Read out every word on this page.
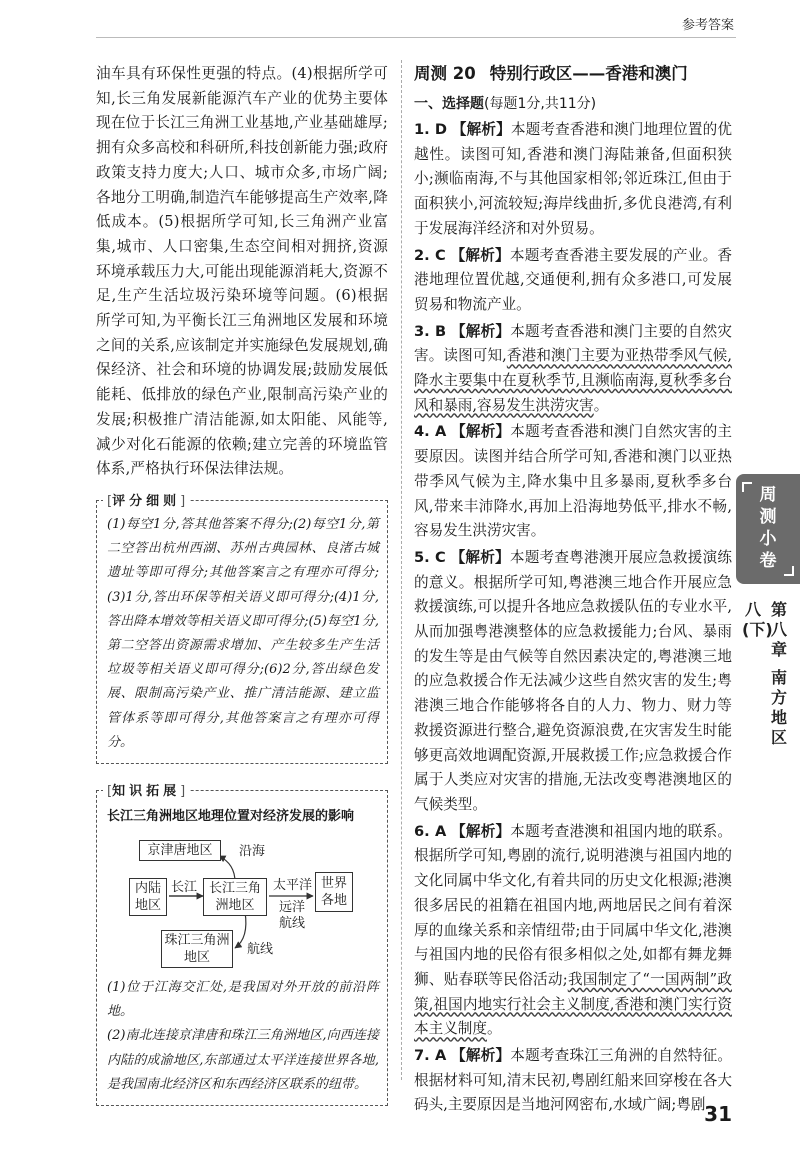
参考答案

油车具有环保性更强的特点。(4)根据所学可知,长三角发展新能源汽车产业的优势主要体现在位于长江三角洲工业基地,产业基础雄厚;拥有众多高校和科研所,科技创新能力强;政府政策支持力度大;人口、城市众多,市场广阔;各地分工明确,制造汽车能够提高生产效率,降低成本。(5)根据所学可知,长三角洲产业富集,城市、人口密集,生态空间相对拥挤,资源环境承载压力大,可能出现能源消耗大,资源不足,生产生活垃圾污染环境等问题。(6)根据所学可知,为平衡长江三角洲地区发展和环境之间的关系,应该制定并实施绿色发展规划,确保经济、社会和环境的协调发展;鼓励发展低能耗、低排放的绿色产业,限制高污染产业的发展;积极推广清洁能源,如太阳能、风能等,减少对化石能源的依赖;建立完善的环境监管体系,严格执行环保法律法规。

[评分细则]

(1)每空1分,答其他答案不得分;(2)每空1分,第二空答出杭州西湖、苏州古典园林、良渚古城遗址等即可得分;其他答案言之有理亦可得分;(3)1分,答出环保等相关语义即可得分;(4)1分,答出降本增效等相关语义即可得分;(5)每空1分,第二空答出资源需求增加、产生较多生产生活垃圾等相关语义即可得分;(6)2分,答出绿色发展、限制高污染产业、推广清洁能源、建立监管体系等即可得分,其他答案言之有理亦可得分。

[知识拓展]
长江三角洲地区地理位置对经济发展的影响
京津唐地区	沿海
内陆地区
长江 长江三角洲地区
太平洋
远洋航线
世界各地
珠江三角洲地区
航线

(1)位于江海交汇处,是我国对外开放的前沿阵地。

(2)南北连接京津唐和珠江三角洲地区,向西连接内陆的成渝地区,东部通过太平洋连接世界各地,是我国南北经济区和东西经济区联系的纽带。

周测 20 特别行政区——香港和澳门
一、选择题(每题1分,共11分)

1. D 【解析】本题考查香港和澳门地理位置的优越性。读图可知,香港和澳门海陆兼备,但面积狭小;濒临南海,不与其他国家相邻;邻近珠江,但由于面积狭小,河流较短;海岸线曲折,多优良港湾,有利于发展海洋经济和对外贸易。

2. C 【解析】本题考查香港主要发展的产业。香港地理位置优越,交通便利,拥有众多港口,可发展贸易和物流产业。

3. B 【解析】本题考查香港和澳门主要的自然灾害。读图可知,香港和澳门主要为亚热带季风气候,降水主要集中在夏秋季节,且濒临南海,夏秋季多台风和暴雨,容易发生洪涝灾害。

4. A 【解析】本题考查香港和澳门自然灾害的主要原因。读图并结合所学可知,香港和澳门以亚热带季风气候为主,降水集中且多暴雨,夏秋季多台风,带来丰沛降水,再加上沿海地势低平,排水不畅,容易发生洪涝灾害。

5. C 【解析】本题考查粤港澳开展应急救援演练的意义。根据所学可知,粤港澳三地合作开展应急救援演练,可以提升各地应急救援队伍的专业水平,从而加强粤港澳整体的应急救援能力;台风、暴雨的发生等是由气候等自然因素决定的,粤港澳三地的应急救援合作无法减少这些自然灾害的发生;粤港澳三地合作能够将各自的人力、物力、财力等救援资源进行整合,避免资源浪费,在灾害发生时能够更高效地调配资源,开展救援工作;应急救援合作属于人类应对灾害的措施,无法改变粤港澳地区的气候类型。

6. A 【解析】本题考查港澳和祖国内地的联系。根据所学可知,粤剧的流行,说明港澳与祖国内地的文化同属中华文化,有着共同的历史文化根源;港澳很多居民的祖籍在祖国内地,两地居民之间有着深厚的血缘关系和亲情纽带;由于同属中华文化,港澳与祖国内地的民俗有很多相似之处,如都有舞龙舞狮、贴春联等民俗活动;我国制定了“一国两制”政策,祖国内地实行社会主义制度,香港和澳门实行资本主义制度。

7. A 【解析】本题考查珠江三角洲的自然特征。根据材料可知,清末民初,粤剧红船来回穿梭在各大码头,主要原因是当地河网密布,水域广阔;粤剧

周测小卷
八(下)
第八章
南方地区
31
